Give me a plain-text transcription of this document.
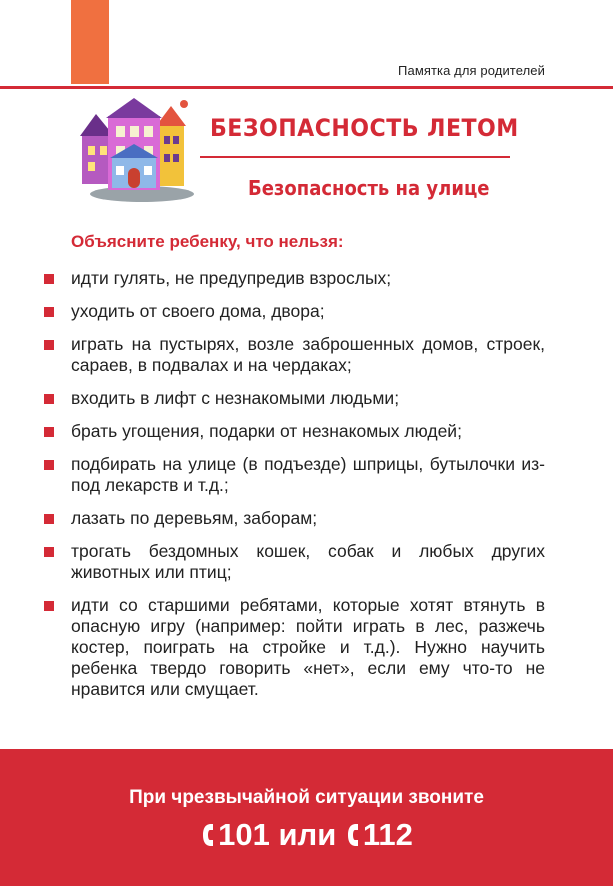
Памятка для родителей
БЕЗОПАСНОСТЬ ЛЕТОМ
Безопасность на улице
Объясните ребенку, что нельзя:
идти гулять, не предупредив взрослых;
уходить от своего дома, двора;
играть на пустырях, возле заброшенных домов, строек, сараев, в подвалах и на чердаках;
входить в лифт с незнакомыми людьми;
брать угощения, подарки от незнакомых людей;
подбирать на улице (в подъезде) шприцы, бутылочки из-под лекарств и т.д.;
лазать по деревьям, заборам;
трогать бездомных кошек, собак и любых других животных или птиц;
идти со старшими ребятами, которые хотят втянуть в опасную игру (например: пойти играть в лес, разжечь костер, поиграть на стройке и т.д.). Нужно научить ребенка твердо говорить «нет», если ему что-то не нравится или смущает.
При чрезвычайной ситуации звоните
101 или 112
